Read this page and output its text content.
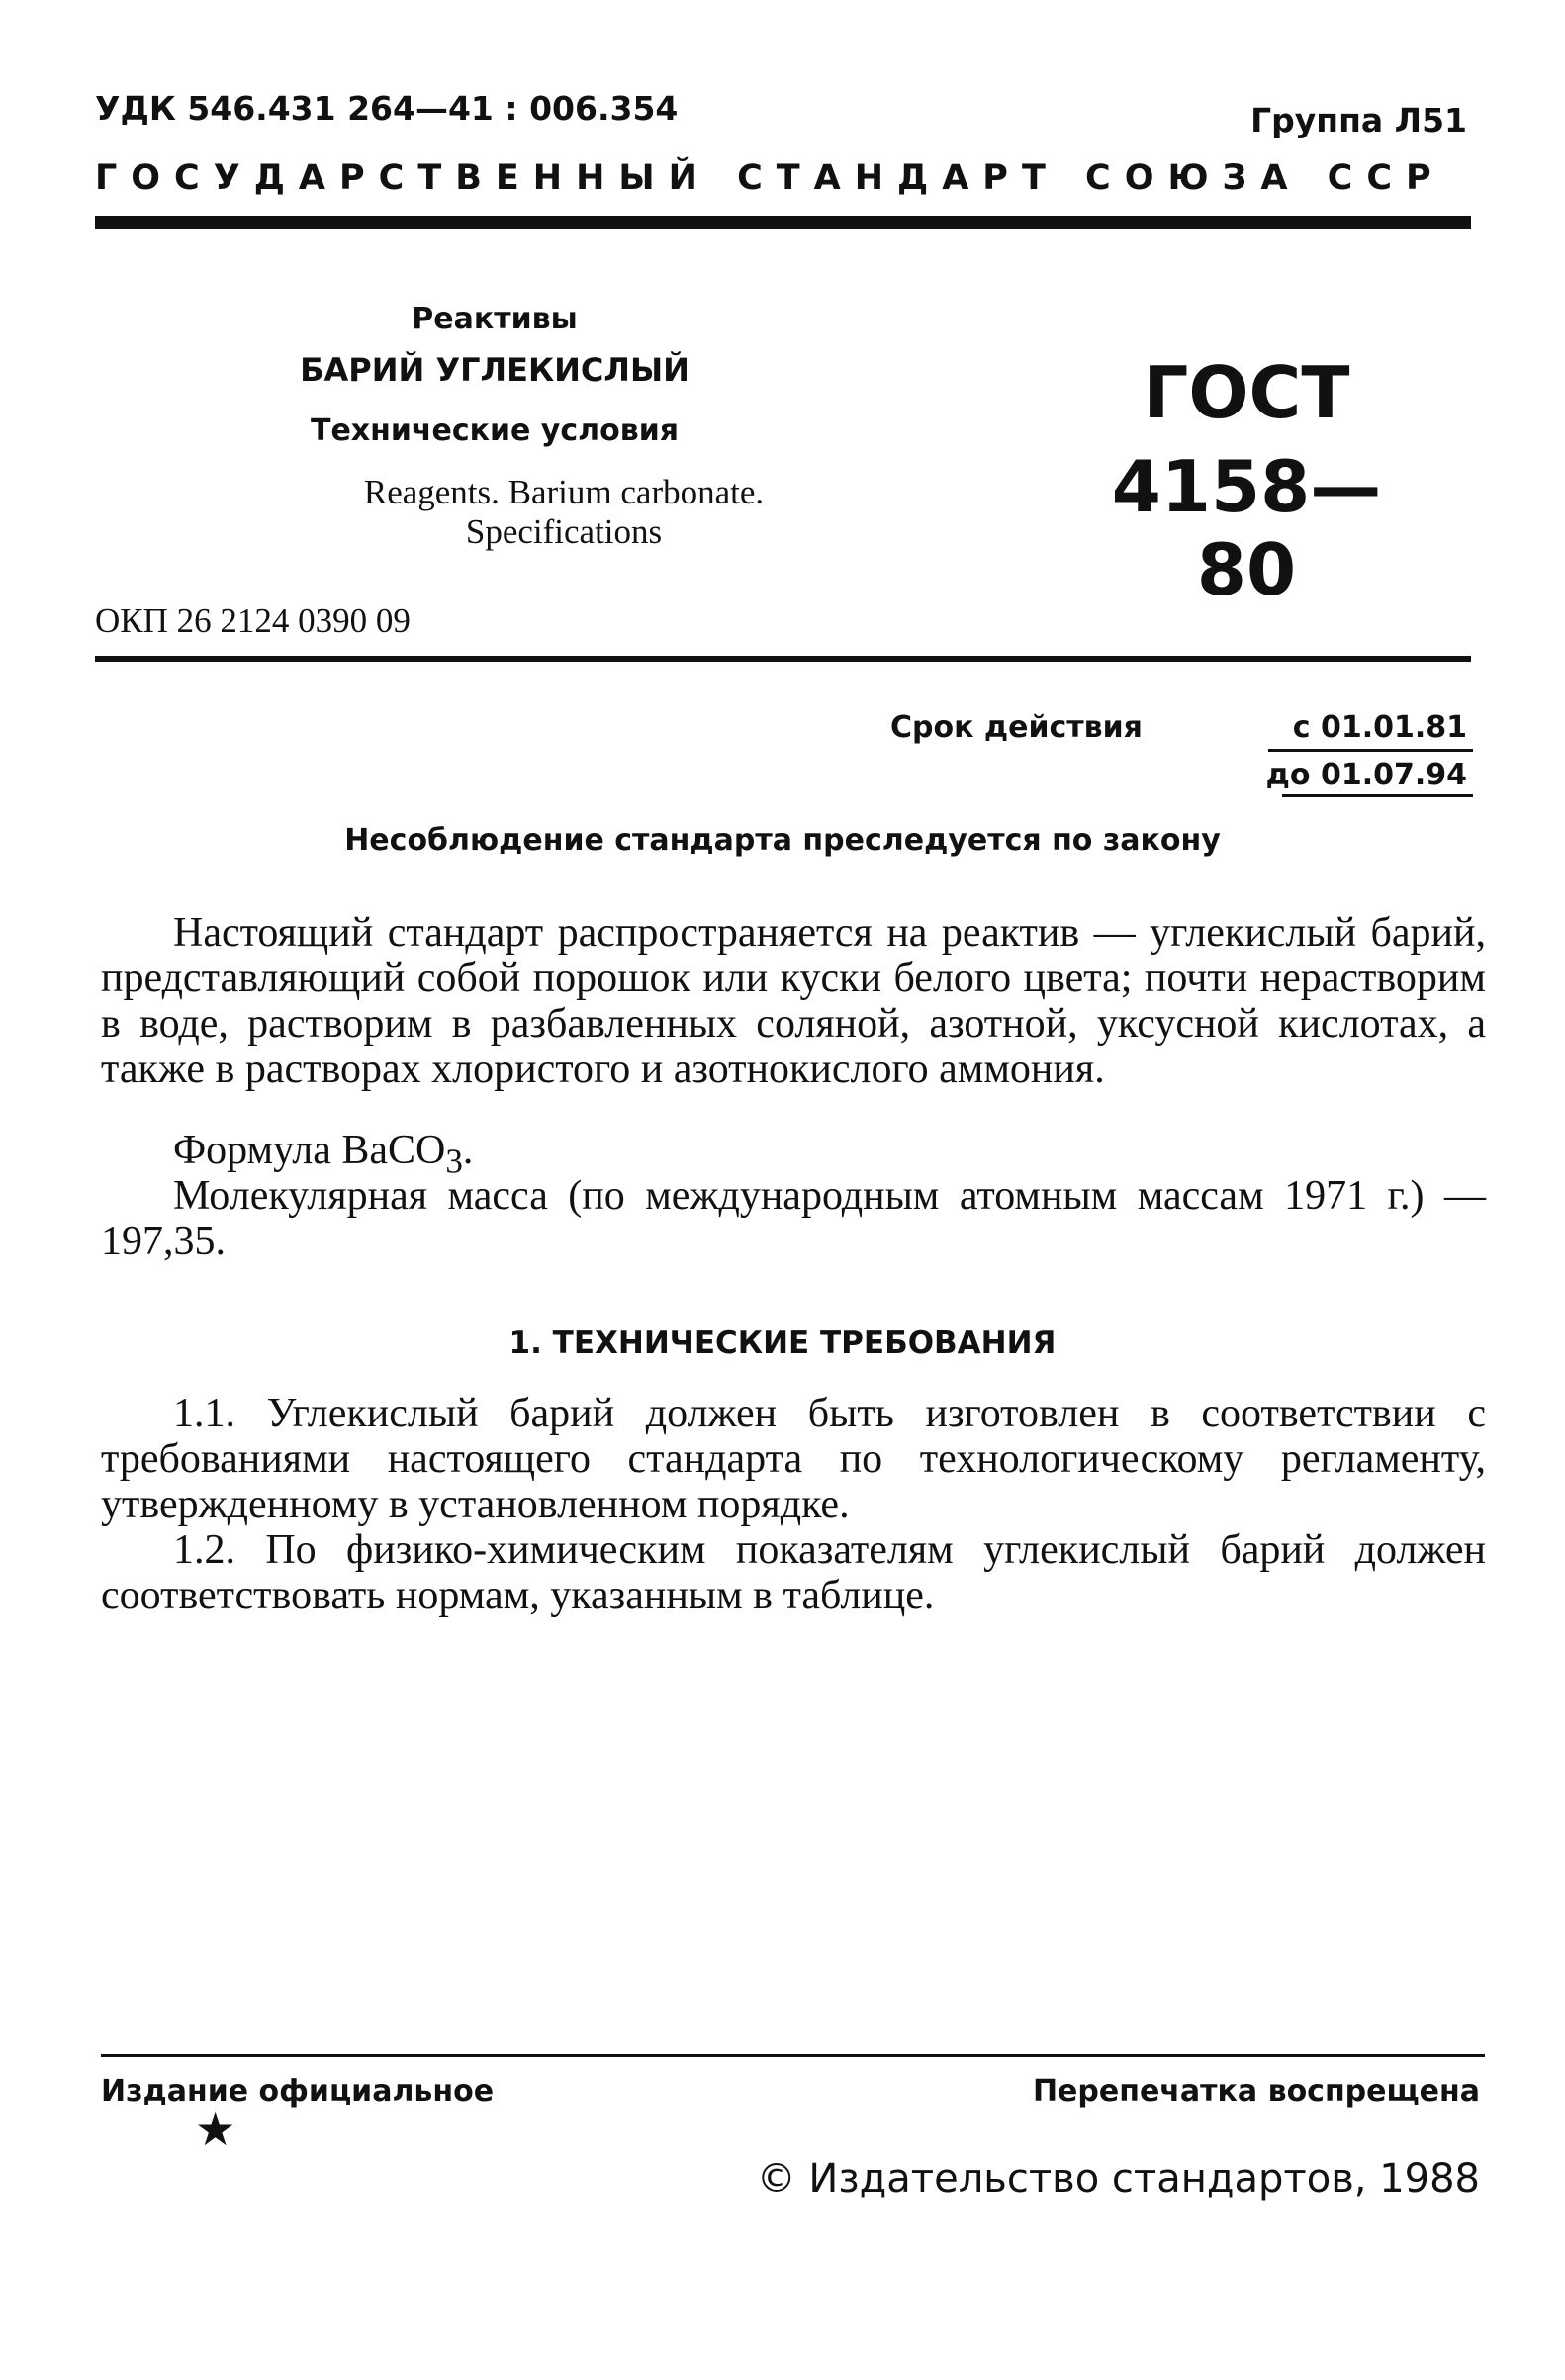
УДК 546.431 264—41 : 006.354	Группа Л51

ГОСУДАРСТВЕННЫЙ СТАНДАРТ СОЮЗА ССР

Реактивы

БАРИЙ УГЛЕКИСЛЫЙ

Технические условия

Reagents. Barium carbonate.
Specifications

ГОСТ

4158—80

ОКП 26 2124 0390 09

Срок действия	с 01.01.81

до 01.07.94

Несоблюдение стандарта преследуется по закону

Настоящий стандарт распространяется на реактив — углекислый барий, представляющий собой порошок или куски белого цвета; почти нерастворим в воде, растворим в разбавленных соляной, азотной, уксусной кислотах, а также в растворах хлористого и азотнокислого аммония.

Формула BaCO$_3$.

Молекулярная масса (по международным атомным массам 1971 г.) — 197,35.

1. ТЕХНИЧЕСКИЕ ТРЕБОВАНИЯ

1.1. Углекислый барий должен быть изготовлен в соответствии с требованиями настоящего стандарта по технологическому регламенту, утвержденному в установленном порядке.

1.2. По физико-химическим показателям углекислый барий должен соответствовать нормам, указанным в таблице.

Издание официальное	Перепечатка воспрещена

★

© Издательство стандартов, 1988
